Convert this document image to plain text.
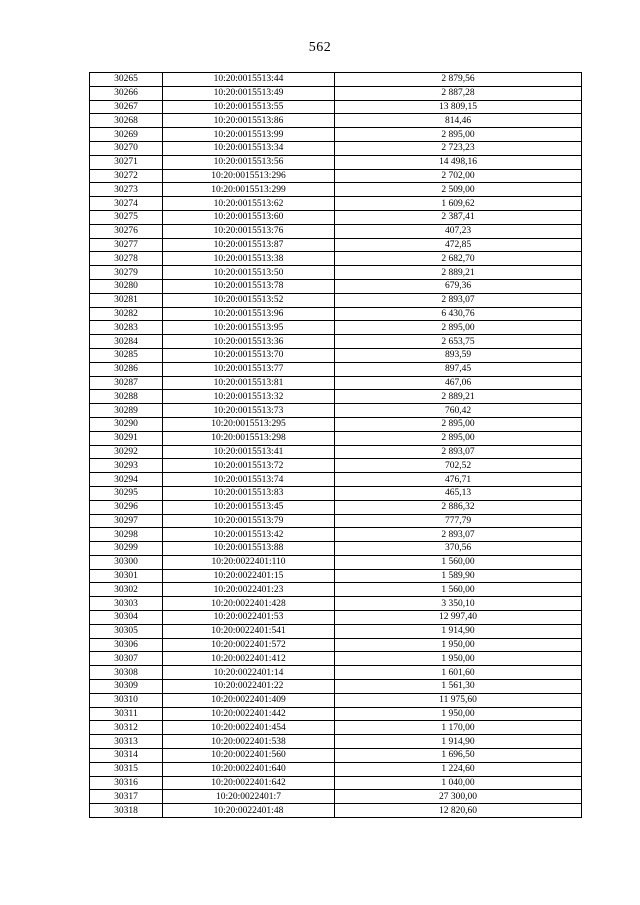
562
30265	10:20:0015513:44	2 879,56
30266	10:20:0015513:49	2 887,28
30267	10:20:0015513:55	13 809,15
30268	10:20:0015513:86	814,46
30269	10:20:0015513:99	2 895,00
30270	10:20:0015513:34	2 723,23
30271	10:20:0015513:56	14 498,16
30272	10:20:0015513:296	2 702,00
30273	10:20:0015513:299	2 509,00
30274	10:20:0015513:62	1 609,62
30275	10:20:0015513:60	2 387,41
30276	10:20:0015513:76	407,23
30277	10:20:0015513:87	472,85
30278	10:20:0015513:38	2 682,70
30279	10:20:0015513:50	2 889,21
30280	10:20:0015513:78	679,36
30281	10:20:0015513:52	2 893,07
30282	10:20:0015513:96	6 430,76
30283	10:20:0015513:95	2 895,00
30284	10:20:0015513:36	2 653,75
30285	10:20:0015513:70	893,59
30286	10:20:0015513:77	897,45
30287	10:20:0015513:81	467,06
30288	10:20:0015513:32	2 889,21
30289	10:20:0015513:73	760,42
30290	10:20:0015513:295	2 895,00
30291	10:20:0015513:298	2 895,00
30292	10:20:0015513:41	2 893,07
30293	10:20:0015513:72	702,52
30294	10:20:0015513:74	476,71
30295	10:20:0015513:83	465,13
30296	10:20:0015513:45	2 886,32
30297	10:20:0015513:79	777,79
30298	10:20:0015513:42	2 893,07
30299	10:20:0015513:88	370,56
30300	10:20:0022401:110	1 560,00
30301	10:20:0022401:15	1 589,90
30302	10:20:0022401:23	1 560,00
30303	10:20:0022401:428	3 350,10
30304	10:20:0022401:53	12 997,40
30305	10:20:0022401:541	1 914,90
30306	10:20:0022401:572	1 950,00
30307	10:20:0022401:412	1 950,00
30308	10:20:0022401:14	1 601,60
30309	10:20:0022401:22	1 561,30
30310	10:20:0022401:409	11 975,60
30311	10:20:0022401:442	1 950,00
30312	10:20:0022401:454	1 170,00
30313	10:20:0022401:538	1 914,90
30314	10:20:0022401:560	1 696,50
30315	10:20:0022401:640	1 224,60
30316	10:20:0022401:642	1 040,00
30317	10:20:0022401:7	27 300,00
30318	10:20:0022401:48	12 820,60
